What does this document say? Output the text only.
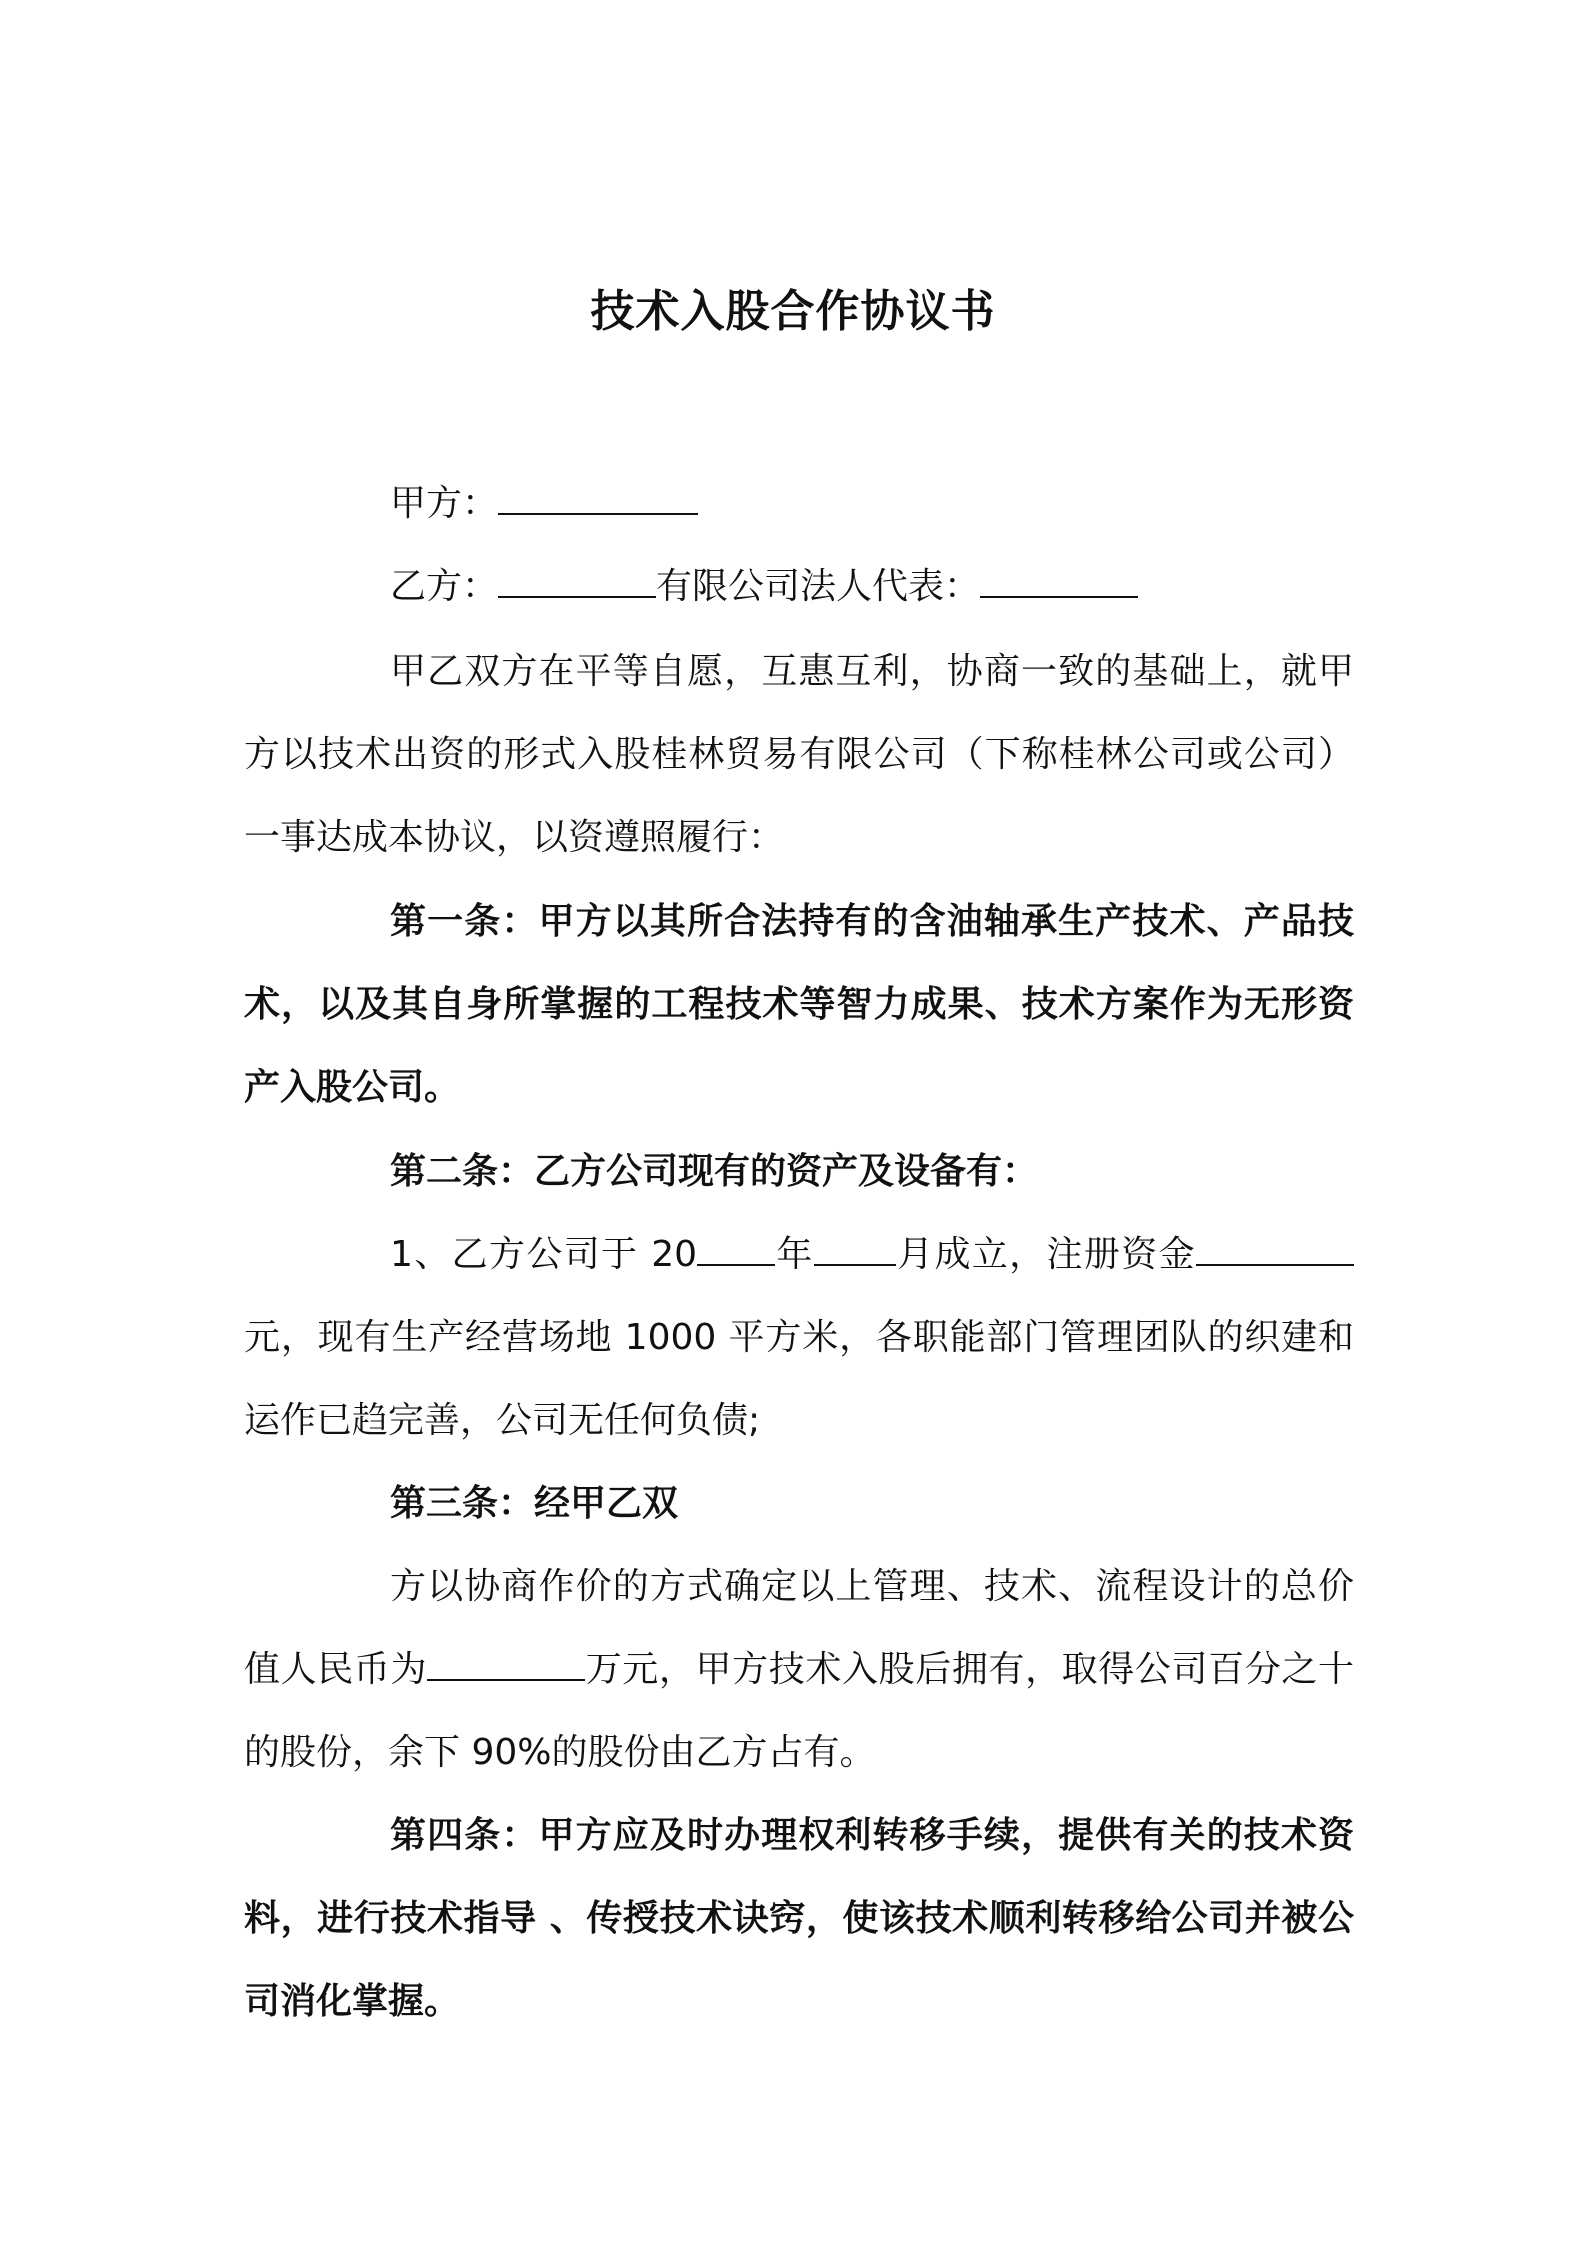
技术入股合作协议书
甲方：
乙方：	有限公司法人代表：
甲乙双方在平等自愿，互惠互利，协商一致的基础上，就甲方以技术出资的形式入股桂林贸易有限公司（下称桂林公司或公司）一事达成本协议，以资遵照履行：
第一条：甲方以其所合法持有的含油轴承生产技术、产品技术，以及其自身所掌握的工程技术等智力成果、技术方案作为无形资产入股公司。
第二条：乙方公司现有的资产及设备有：
1、乙方公司于 20 年 月成立，注册资金元，现有生产经营场地 1000 平方米，各职能部门管理团队的织建和运作已趋完善，公司无任何负债;
第三条：经甲乙双
方以协商作价的方式确定以上管理、技术、流程设计的总价值人民币为	万元，甲方技术入股后拥有，取得公司百分之十的股份，余下 90%的股份由乙方占有。
第四条：甲方应及时办理权利转移手续，提供有关的技术资料，进行技术指导 、传授技术诀窍，使该技术顺利转移给公司并被公司消化掌握。
